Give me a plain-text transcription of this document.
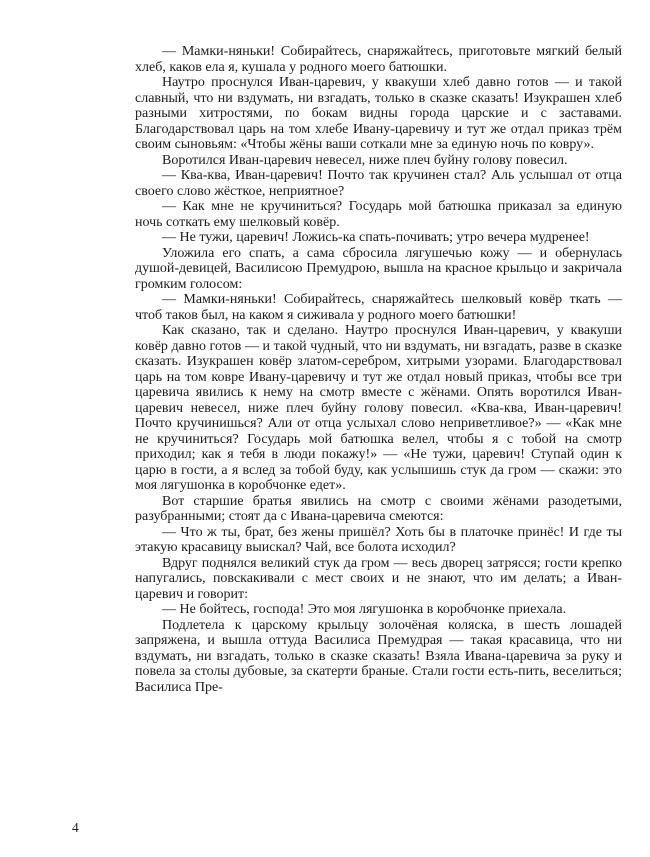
— Мамки-няньки! Собирайтесь, снаряжайтесь, приготовьте мягкий белый хлеб, каков ела я, кушала у родного моего батюшки.

Наутро проснулся Иван-царевич, у квакуши хлеб давно готов — и такой славный, что ни вздумать, ни взгадать, только в сказке сказать! Изукрашен хлеб разными хитростями, по бокам видны города царские и с заставами. Благодарствовал царь на том хлебе Ивану-царевичу и тут же отдал приказ трём своим сыновьям: «Чтобы жёны ваши соткали мне за единую ночь по ковру».

Воротился Иван-царевич невесел, ниже плеч буйну голову повесил.

— Ква-ква, Иван-царевич! Почто так кручинен стал? Аль услышал от отца своего слово жёсткое, неприятное?

— Как мне не кручиниться? Государь мой батюшка приказал за единую ночь соткать ему шелковый ковёр.

— Не тужи, царевич! Ложись-ка спать-почивать; утро вечера мудренее!

Уложила его спать, а сама сбросила лягушечью кожу — и обернулась душой-девицей, Василисою Премудрою, вышла на красное крыльцо и закричала громким голосом:

— Мамки-няньки! Собирайтесь, снаряжайтесь шелковый ковёр ткать — чтоб таков был, на каком я сиживала у родного моего батюшки!

Как сказано, так и сделано. Наутро проснулся Иван-царевич, у квакуши ковёр давно готов — и такой чудный, что ни вздумать, ни взгадать, разве в сказке сказать. Изукрашен ковёр златом-серебром, хитрыми узорами. Благодарствовал царь на том ковре Ивану-царевичу и тут же отдал новый приказ, чтобы все три царевича явились к нему на смотр вместе с жёнами. Опять воротился Иван-царевич невесел, ниже плеч буйну голову повесил. «Ква-ква, Иван-царевич! Почто кручинишься? Али от отца услыхал слово неприветливое?» — «Как мне не кручиниться? Государь мой батюшка велел, чтобы я с тобой на смотр приходил; как я тебя в люди покажу!» — «Не тужи, царевич! Ступай один к царю в гости, а я вслед за тобой буду, как услышишь стук да гром — скажи: это моя лягушонка в коробчонке едет».

Вот старшие братья явились на смотр с своими жёнами разодетыми, разубранными; стоят да с Ивана-царевича смеются:

— Что ж ты, брат, без жены пришёл? Хоть бы в платочке принёс! И где ты этакую красавицу выискал? Чай, все болота исходил?

Вдруг поднялся великий стук да гром — весь дворец затрясся; гости крепко напугались, повскакивали с мест своих и не знают, что им делать; а Иван-царевич и говорит:

— Не бойтесь, господа! Это моя лягушонка в коробчонке приехала.

Подлетела к царскому крыльцу золочёная коляска, в шесть лошадей запряжена, и вышла оттуда Василиса Премудрая — такая красавица, что ни вздумать, ни взгадать, только в сказке сказать! Взяла Ивана-царевича за руку и повела за столы дубовые, за скатерти браные. Стали гости есть-пить, веселиться; Василиса Пре-

4
